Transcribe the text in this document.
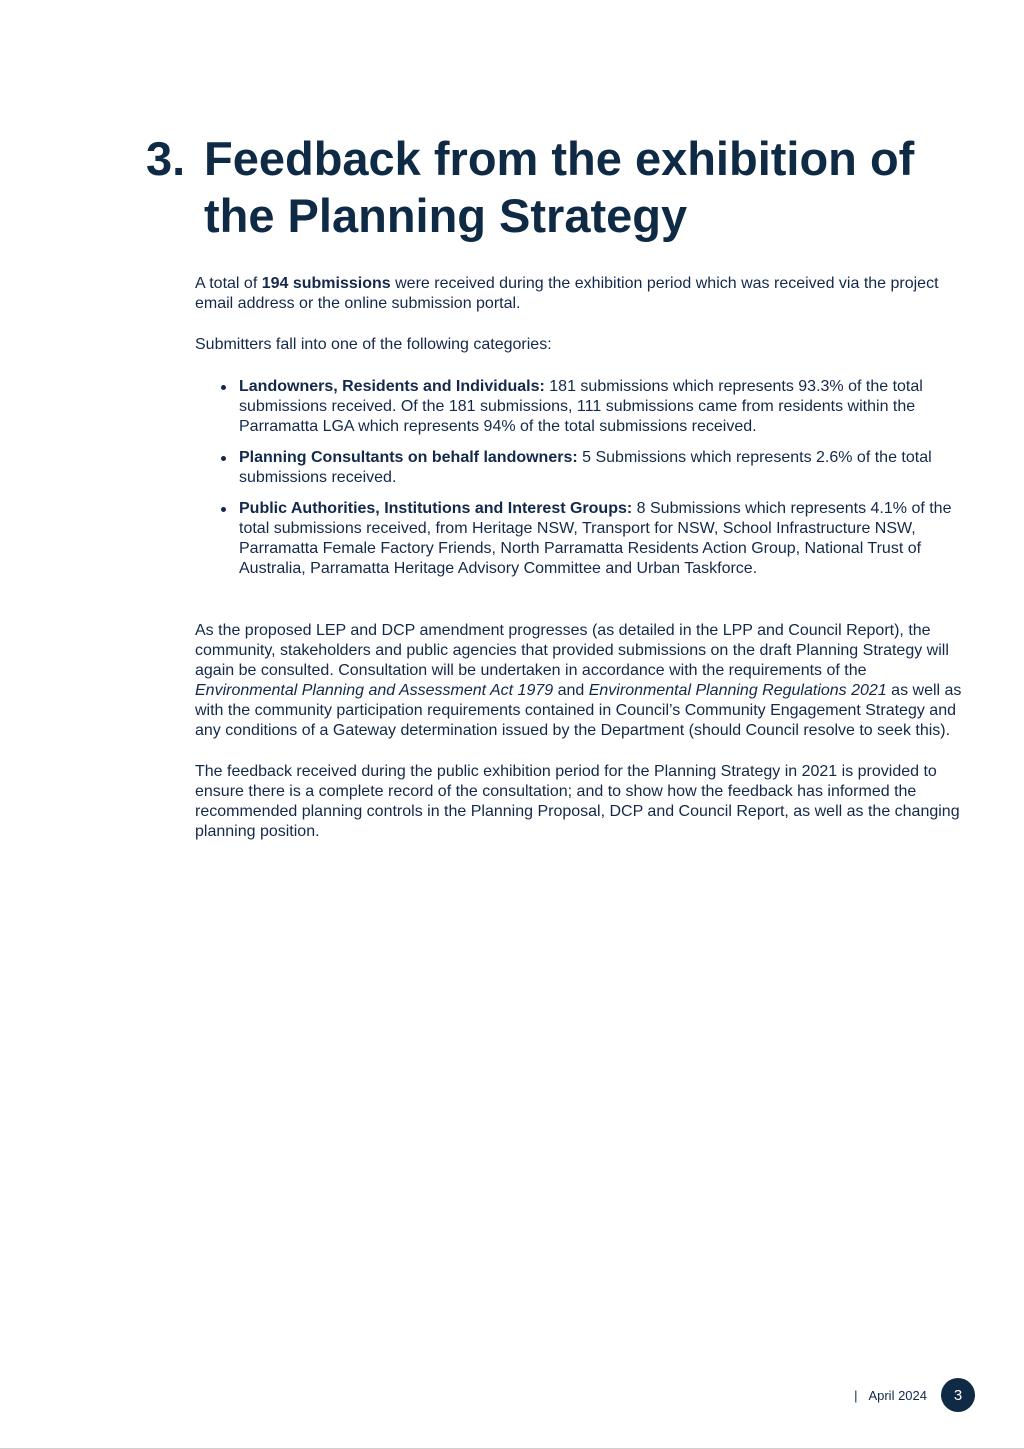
3. Feedback from the exhibition of the Planning Strategy

A total of 194 submissions were received during the exhibition period which was received via the project email address or the online submission portal.

Submitters fall into one of the following categories:

Landowners, Residents and Individuals: 181 submissions which represents 93.3% of the total submissions received. Of the 181 submissions, 111 submissions came from residents within the Parramatta LGA which represents 94% of the total submissions received.
Planning Consultants on behalf landowners: 5 Submissions which represents 2.6% of the total submissions received.
Public Authorities, Institutions and Interest Groups: 8 Submissions which represents 4.1% of the total submissions received, from Heritage NSW, Transport for NSW, School Infrastructure NSW, Parramatta Female Factory Friends, North Parramatta Residents Action Group, National Trust of Australia, Parramatta Heritage Advisory Committee and Urban Taskforce.

As the proposed LEP and DCP amendment progresses (as detailed in the LPP and Council Report), the community, stakeholders and public agencies that provided submissions on the draft Planning Strategy will again be consulted. Consultation will be undertaken in accordance with the requirements of the Environmental Planning and Assessment Act 1979 and Environmental Planning Regulations 2021 as well as with the community participation requirements contained in Council’s Community Engagement Strategy and any conditions of a Gateway determination issued by the Department (should Council resolve to seek this).

The feedback received during the public exhibition period for the Planning Strategy in 2021 is provided to ensure there is a complete record of the consultation; and to show how the feedback has informed the recommended planning controls in the Planning Proposal, DCP and Council Report, as well as the changing planning position.

| April 2024	3
